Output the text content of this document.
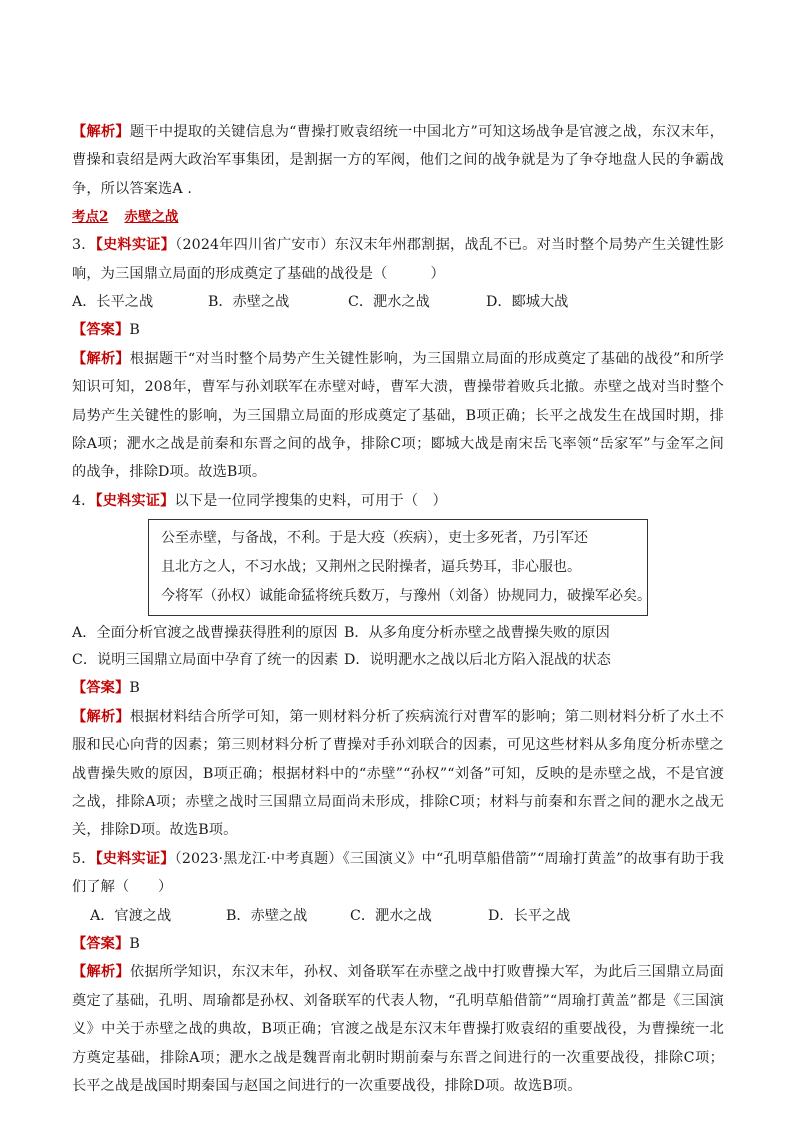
【解析】题干中提取的关键信息为“曹操打败袁绍统一中国北方”可知这场战争是官渡之战，东汉末年，曹操和袁绍是两大政治军事集团，是割据一方的军阀，他们之间的战争就是为了争夺地盘人民的争霸战争，所以答案选A .

考点2 赤壁之战

3．【史料实证】（2024年四川省广安市）东汉末年州郡割据，战乱不已。对当时整个局势产生关键性影响，为三国鼎立局面的形成奠定了基础的战役是（　　　）

A．长平之战	B．赤壁之战	C．淝水之战	D．郾城大战

【答案】B

【解析】根据题干“对当时整个局势产生关键性影响，为三国鼎立局面的形成奠定了基础的战役”和所学知识可知，208年，曹军与孙刘联军在赤壁对峙，曹军大溃，曹操带着败兵北撤。赤壁之战对当时整个局势产生关键性的影响，为三国鼎立局面的形成奠定了基础，B项正确；长平之战发生在战国时期，排除A项；淝水之战是前秦和东晋之间的战争，排除C项；郾城大战是南宋岳飞率领“岳家军”与金军之间的战争，排除D项。故选B项。

4．【史料实证】以下是一位同学搜集的史料，可用于（　）

公至赤壁，与备战，不利。于是大疫（疾病），吏士多死者，乃引军还

且北方之人，不习水战；又荆州之民附操者，逼兵势耳，非心服也。

今将军（孙权）诚能命猛将统兵数万，与豫州（刘备）协规同力，破操军必矣。

A．全面分析官渡之战曹操获得胜利的原因 B．从多角度分析赤壁之战曹操失败的原因
C．说明三国鼎立局面中孕育了统一的因素 D．说明淝水之战以后北方陷入混战的状态

【答案】B

【解析】根据材料结合所学可知，第一则材料分析了疾病流行对曹军的影响；第二则材料分析了水土不服和民心向背的因素；第三则材料分析了曹操对手孙刘联合的因素，可见这些材料从多角度分析赤壁之战曹操失败的原因，B项正确；根据材料中的“赤壁”“孙权”“刘备”可知，反映的是赤壁之战，不是官渡之战，排除A项；赤壁之战时三国鼎立局面尚未形成，排除C项；材料与前秦和东晋之间的淝水之战无关，排除D项。故选B项。

5．【史料实证】（2023·黑龙江·中考真题）《三国演义》中“孔明草船借箭”“周瑜打黄盖”的故事有助于我们了解（　　）

A．官渡之战	B．赤壁之战	C．淝水之战	D．长平之战

【答案】B

【解析】依据所学知识，东汉末年，孙权、刘备联军在赤壁之战中打败曹操大军，为此后三国鼎立局面奠定了基础，孔明、周瑜都是孙权、刘备联军的代表人物，“孔明草船借箭”“周瑜打黄盖”都是《三国演义》中关于赤壁之战的典故，B项正确；官渡之战是东汉末年曹操打败袁绍的重要战役，为曹操统一北方奠定基础，排除A项；淝水之战是魏晋南北朝时期前秦与东晋之间进行的一次重要战役，排除C项；长平之战是战国时期秦国与赵国之间进行的一次重要战役，排除D项。故选B项。
